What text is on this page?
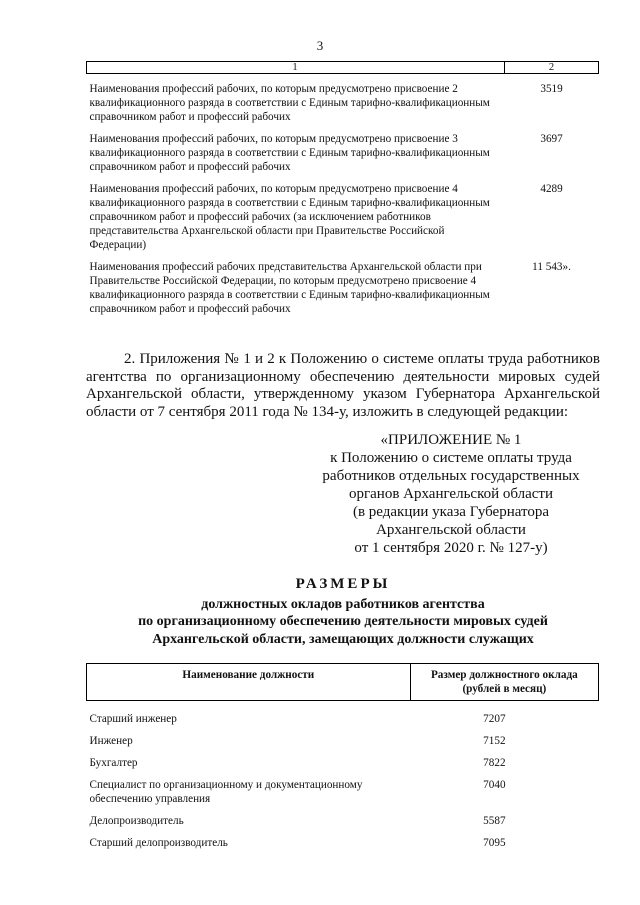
3
1	2
Наименования профессий рабочих, по которым предусмотрено присвоение 2 квалификационного разряда в соответствии с Единым тарифно-квалификационным справочником работ и профессий рабочих	3519
Наименования профессий рабочих, по которым предусмотрено присвоение 3 квалификационного разряда в соответствии с Единым тарифно-квалификационным справочником работ и профессий рабочих	3697
Наименования профессий рабочих, по которым предусмотрено присвоение 4 квалификационного разряда в соответствии с Единым тарифно-квалификационным справочником работ и профессий рабочих (за исключением работников представительства Архангельской области при Правительстве Российской Федерации)	4289
Наименования профессий рабочих представительства Архангельской области при Правительстве Российской Федерации, по которым предусмотрено присвоение 4 квалификационного разряда в соответствии с Единым тарифно-квалификационным справочником работ и профессий рабочих	11 543».
2. Приложения № 1 и 2 к Положению о системе оплаты труда работников агентства по организационному обеспечению деятельности мировых судей Архангельской области, утвержденному указом Губернатора Архангельской области от 7 сентября 2011 года № 134-у, изложить в следующей редакции:
«ПРИЛОЖЕНИЕ № 1
к Положению о системе оплаты труда
работников отдельных государственных
органов Архангельской области
(в редакции указа Губернатора
Архангельской области
от 1 сентября 2020 г. № 127-у)
РАЗМЕРЫ
должностных окладов работников агентства
по организационному обеспечению деятельности мировых судей
Архангельской области, замещающих должности служащих
Наименование должности	Размер должностного оклада (рублей в месяц)
Старший инженер	7207
Инженер	7152
Бухгалтер	7822
Специалист по организационному и документационному обеспечению управления	7040
Делопроизводитель	5587
Старший делопроизводитель	7095
